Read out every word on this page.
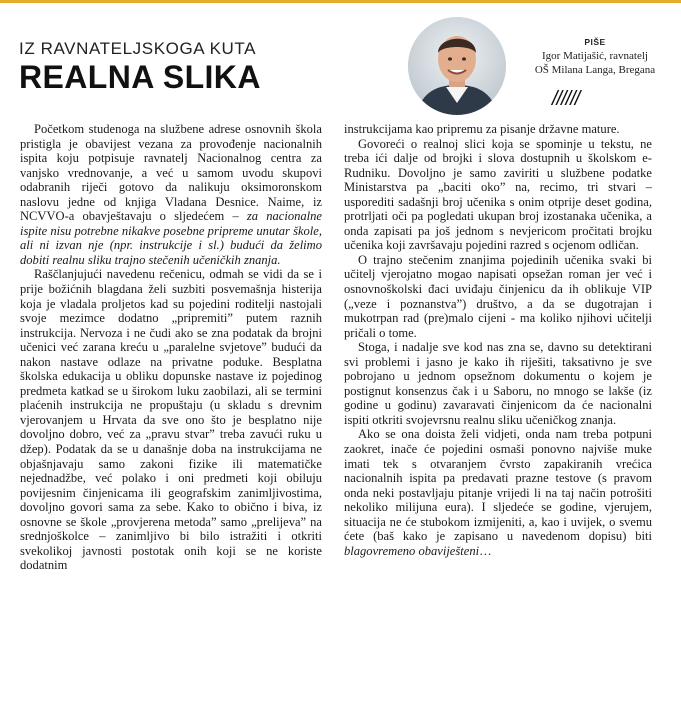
IZ RAVNATELJSKOGA KUTA
REALNA SLIKA
PIŠE
Igor Matijašić, ravnatelj
OŠ Milana Langa, Bregana
//////

Početkom studenoga na službene adrese osnovnih škola pristigla je obavijest vezana za provođenje nacionalnih ispita koju potpisuje ravnatelj Nacionalnog centra za vanjsko vrednovanje, a već u samom uvodu skupovi odabranih riječi gotovo da nalikuju oksimoronskom naslovu jedne od knjiga Vladana Desnice. Naime, iz NCVVO-a obavještavaju o sljedećem – za nacionalne ispite nisu potrebne nikakve posebne pripreme unutar škole, ali ni izvan nje (npr. instrukcije i sl.) budući da želimo dobiti realnu sliku trajno stečenih učeničkih znanja.

Raščlanjujući navedenu rečenicu, odmah se vidi da se i prije božićnih blagdana želi suzbiti posvemašnja histerija koja je vladala proljetos kad su pojedini roditelji nastojali svoje mezimce dodatno „pripremiti” putem raznih instrukcija. Nervoza i ne čudi ako se zna podatak da brojni učenici već zarana kreću u „paralelne svjetove” budući da nakon nastave odlaze na privatne poduke. Besplatna školska edukacija u obliku dopunske nastave iz pojedinog predmeta katkad se u širokom luku zaobilazi, ali se termini plaćenih instrukcija ne propuštaju (u skladu s drevnim vjerovanjem u Hrvata da sve ono što je besplatno nije dovoljno dobro, već za „pravu stvar” treba zavući ruku u džep). Podatak da se u današnje doba na instrukcijama ne objašnjavaju samo zakoni fizike ili matematičke nejednadžbe, već polako i oni predmeti koji obiluju povijesnim činjenicama ili geografskim zanimljivostima, dovoljno govori sama za sebe. Kako to obično i biva, iz osnovne se škole „provjerena metoda” samo „prelijeva” na srednjoškolce – zanimljivo bi bilo istražiti i otkriti svekolikoj javnosti postotak onih koji se ne koriste dodatnim

instrukcijama kao pripremu za pisanje državne mature.

Govoreći o realnoj slici koja se spominje u tekstu, ne treba ići dalje od brojki i slova dostupnih u školskom e-Rudniku. Dovoljno je samo zaviriti u službene podatke Ministarstva pa „baciti oko” na, recimo, tri stvari – usporediti sadašnji broj učenika s onim otprije deset godina, protrljati oči pa pogledati ukupan broj izostanaka učenika, a onda zapisati pa još jednom s nevjericom pročitati brojku učenika koji završavaju pojedini razred s ocjenom odličan.

O trajno stečenim znanjima pojedinih učenika svaki bi učitelj vjerojatno mogao napisati opsežan roman jer već i osnovnoškolski đaci uviđaju činjenicu da ih oblikuje VIP („veze i poznanstva”) društvo, a da se dugotrajan i mukotrpan rad (pre)malo cijeni - ma koliko njihovi učitelji pričali o tome.

Stoga, i nadalje sve kod nas zna se, davno su detektirani svi problemi i jasno je kako ih riješiti, taksativno je sve pobrojano u jednom opsežnom dokumentu o kojem je postignut konsenzus čak i u Saboru, no mnogo se lakše (iz godine u godinu) zavaravati činjenicom da će nacionalni ispiti otkriti svojevrsnu realnu sliku učeničkog znanja.

Ako se ona doista želi vidjeti, onda nam treba potpuni zaokret, inače će pojedini osmaši ponovno najviše muke imati tek s otvaranjem čvrsto zapakiranih vrećica nacionalnih ispita pa predavati prazne testove (s pravom onda neki postavljaju pitanje vrijedi li na taj način potrošiti nekoliko milijuna eura). I sljedeće se godine, vjerujem, situacija ne će stubokom izmijeniti, a, kao i uvijek, o svemu ćete (baš kako je zapisano u navedenom dopisu) biti blagovremeno obaviješteni…
